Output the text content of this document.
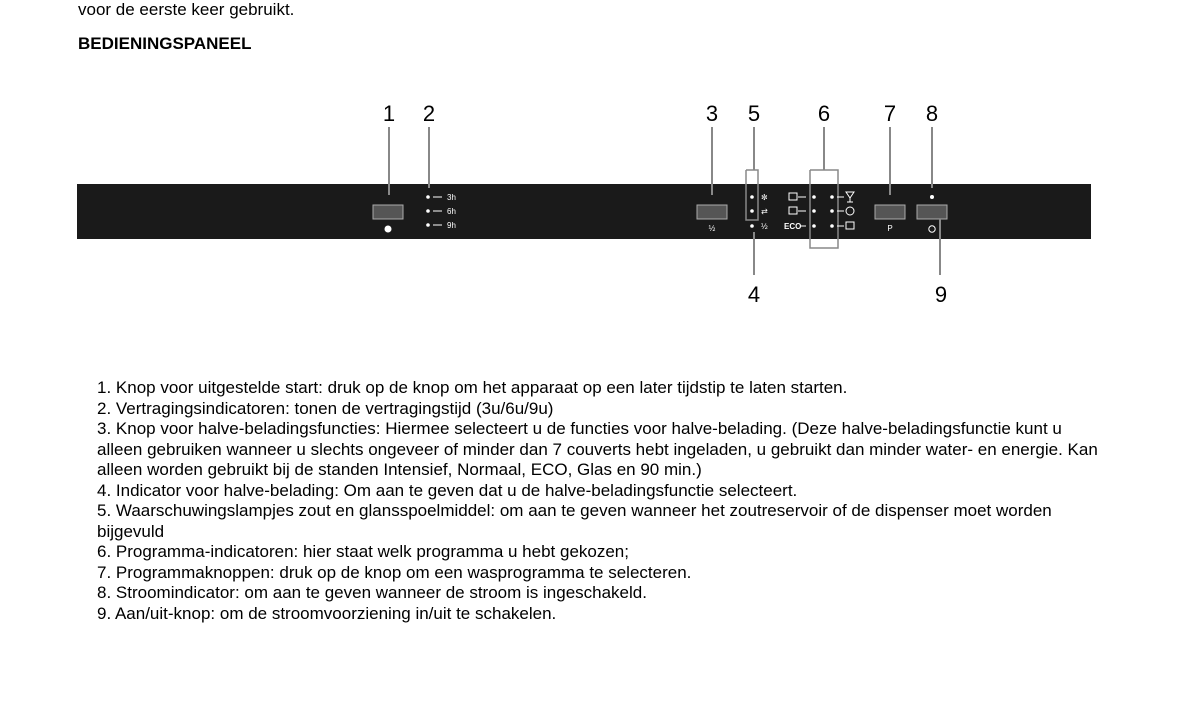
voor de eerste keer gebruikt.
BEDIENINGSPANEEL
1 2	3 5	6 7 8
3h
6h
9h	½
✼
⇄
½ ECO	P
4	9

1. Knop voor uitgestelde start: druk op de knop om het apparaat op een later tijdstip te laten starten.

2. Vertragingsindicatoren: tonen de vertragingstijd (3u/6u/9u)

3. Knop voor halve-beladingsfuncties: Hiermee selecteert u de functies voor halve-belading. (Deze halve-beladingsfunctie kunt u alleen gebruiken wanneer u slechts ongeveer of minder dan 7 couverts hebt ingeladen, u gebruikt dan minder water- en energie. Kan alleen worden gebruikt bij de standen Intensief, Normaal, ECO, Glas en 90 min.)

4. Indicator voor halve-belading: Om aan te geven dat u de halve-beladingsfunctie selecteert.

5. Waarschuwingslampjes zout en glansspoelmiddel: om aan te geven wanneer het zoutreservoir of de dispenser moet worden bijgevuld

6. Programma-indicatoren: hier staat welk programma u hebt gekozen;

7. Programmaknoppen: druk op de knop om een wasprogramma te selecteren.

8. Stroomindicator: om aan te geven wanneer de stroom is ingeschakeld.

9. Aan/uit-knop: om de stroomvoorziening in/uit te schakelen.
